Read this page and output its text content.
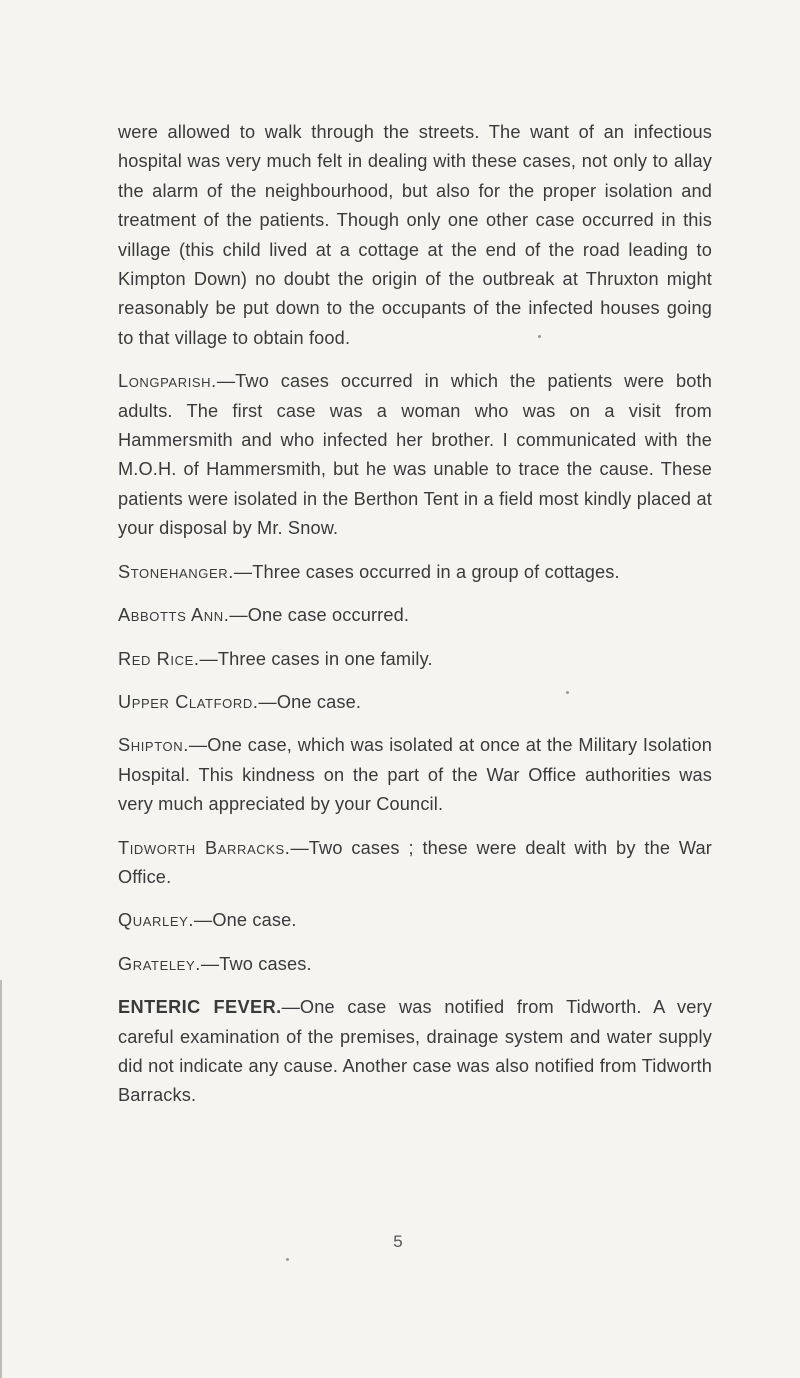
were allowed to walk through the streets. The want of an infectious hospital was very much felt in dealing with these cases, not only to allay the alarm of the neighbourhood, but also for the proper isolation and treatment of the patients. Though only one other case occurred in this village (this child lived at a cottage at the end of the road leading to Kimpton Down) no doubt the origin of the outbreak at Thruxton might reasonably be put down to the occupants of the infected houses going to that village to obtain food.

Longparish.—Two cases occurred in which the patients were both adults. The first case was a woman who was on a visit from Hammersmith and who infected her brother. I communicated with the M.O.H. of Hammersmith, but he was unable to trace the cause. These patients were isolated in the Berthon Tent in a field most kindly placed at your disposal by Mr. Snow.

Stonehanger.—Three cases occurred in a group of cottages.

Abbotts Ann.—One case occurred.

Red Rice.—Three cases in one family.

Upper Clatford.—One case.

Shipton.—One case, which was isolated at once at the Military Isolation Hospital. This kindness on the part of the War Office authorities was very much appreciated by your Council.

Tidworth Barracks.—Two cases ; these were dealt with by the War Office.

Quarley.—One case.

Grateley.—Two cases.

ENTERIC FEVER.—One case was notified from Tidworth. A very careful examination of the premises, drainage system and water supply did not indicate any cause. Another case was also notified from Tidworth Barracks.

5
